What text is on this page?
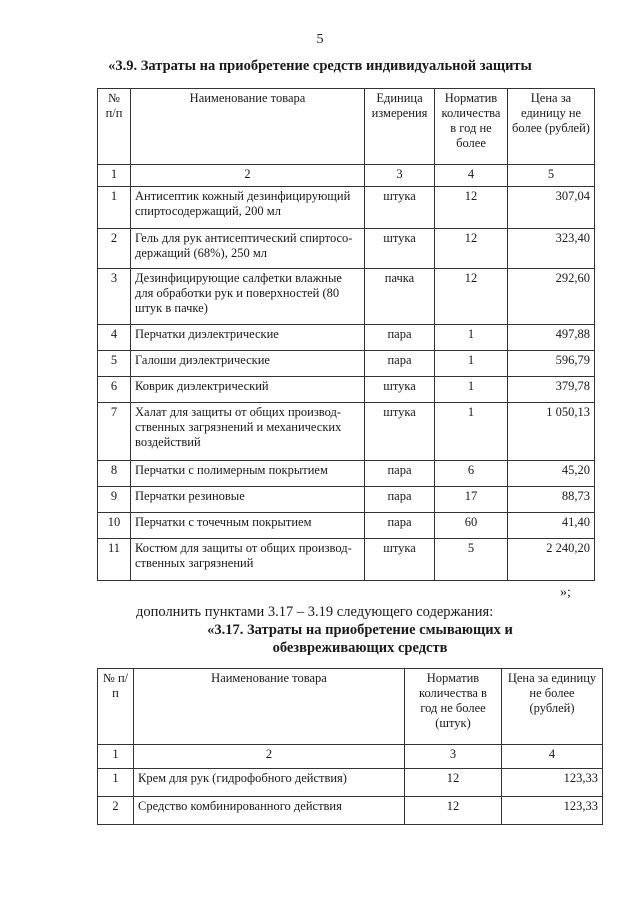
5
«3.9. Затраты на приобретение средств индивидуальной защиты
№ п/п	Наименование товара	Единица измерения	Норматив количества в год не более	Цена за единицу не более (рублей)
1	2	3	4	5
1	Антисептик кожный дезинфицирующий спиртосодержащий, 200 мл	штука	12	307,04
2	Гель для рук антисептический спиртосо-держащий (68%), 250 мл	штука	12	323,40
3	Дезинфицирующие салфетки влажные для обработки рук и поверхностей (80 штук в пачке)	пачка	12	292,60
4	Перчатки диэлектрические	пара	1	497,88
5	Галоши диэлектрические	пара	1	596,79
6	Коврик диэлектрический	штука	1	379,78
7	Халат для защиты от общих производ-ственных загрязнений и механических воздействий	штука	1	1 050,13
8	Перчатки с полимерным покрытием	пара	6	45,20
9	Перчатки резиновые	пара	17	88,73
10	Перчатки с точечным покрытием	пара	60	41,40
11	Костюм для защиты от общих производ-ственных загрязнений	штука	5	2 240,20
»;
дополнить пунктами 3.17 – 3.19 следующего содержания:
«3.17. Затраты на приобретение смывающих и обезвреживающих средств
№ п/п	Наименование товара	Норматив количества в год не более (штук)	Цена за единицу не более (рублей)
1	2	3	4
1	Крем для рук (гидрофобного действия)	12	123,33
2	Средство комбинированного действия	12	123,33
